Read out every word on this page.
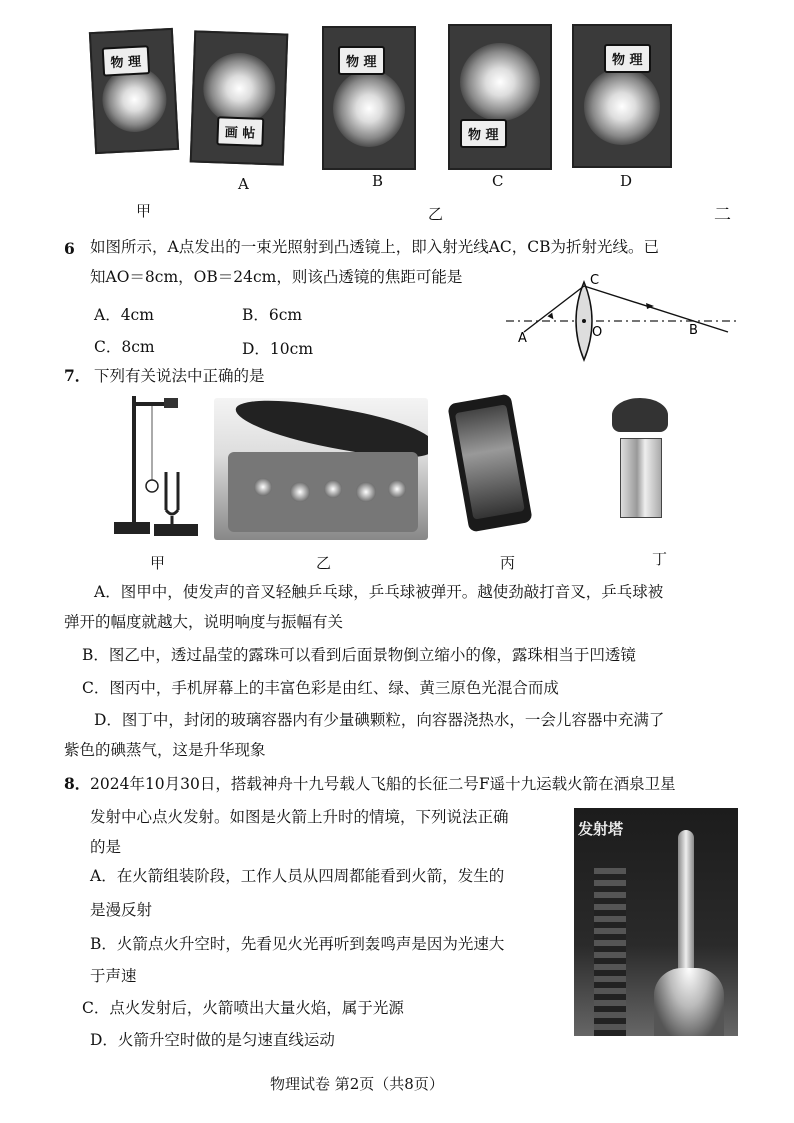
物 理
画 帖
物 理
物 理
物 理
A	B	C	D
甲	乙	二
6 如图所示，A点发出的一束光照射到凸透镜上，即入射光线AC，CB为折射光线。已
知AO＝8cm，OB＝24cm，则该凸透镜的焦距可能是
A．4cm	B．6cm
C．8cm	D．10cm
A
B
C
O
7． 下列有关说法中正确的是
甲	乙	丙	丁
A．图甲中，使发声的音叉轻触乒乓球，乒乓球被弹开。越使劲敲打音叉，乒乓球被
弹开的幅度就越大，说明响度与振幅有关
B．图乙中，透过晶莹的露珠可以看到后面景物倒立缩小的像，露珠相当于凹透镜
C．图丙中，手机屏幕上的丰富色彩是由红、绿、黄三原色光混合而成
D．图丁中，封闭的玻璃容器内有少量碘颗粒，向容器浇热水，一会儿容器中充满了
紫色的碘蒸气，这是升华现象
8． 2024年10月30日，搭载神舟十九号载人飞船的长征二号F遥十九运载火箭在酒泉卫星
发射中心点火发射。如图是火箭上升时的情境，下列说法正确
的是
A．在火箭组装阶段，工作人员从四周都能看到火箭，发生的
是漫反射
B．火箭点火升空时，先看见火光再听到轰鸣声是因为光速大
于声速
C．点火发射后，火箭喷出大量火焰，属于光源
D．火箭升空时做的是匀速直线运动
发射塔
物理试卷 第2页（共8页）
